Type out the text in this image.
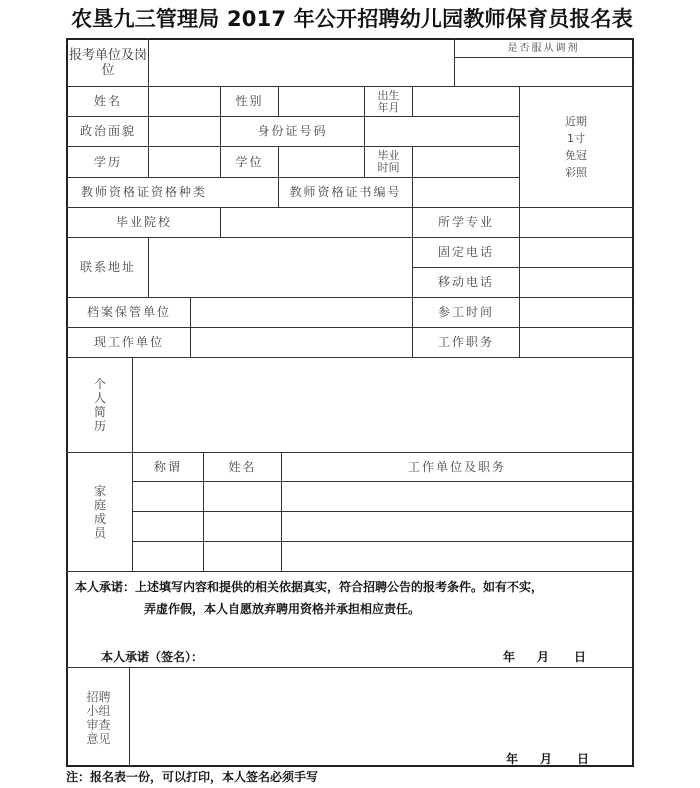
农垦九三管理局 2017 年公开招聘幼儿园教师保育员报名表
报考单位及岗位
是否服从调剂
姓名	性别	出生年月
近期
1寸
免冠
彩照
政治面貌	身份证号码
学历	学位	毕业时间
教师资格证资格种类	教师资格证书编号
毕业院校	所学专业
联系地址
固定电话
移动电话
档案保管单位	参工时间
现工作单位	工作职务
个人简历
家庭成员
称谓	姓名	工作单位及职务
本人承诺：上述填写内容和提供的相关依据真实，符合招聘公告的报考条件。如有不实，
弄虚作假，本人自愿放弃聘用资格并承担相应责任。
本人承诺（签名）：	年 月 日
招聘
小组
审查
意见
年 月 日
注：报名表一份，可以打印，本人签名必须手写
